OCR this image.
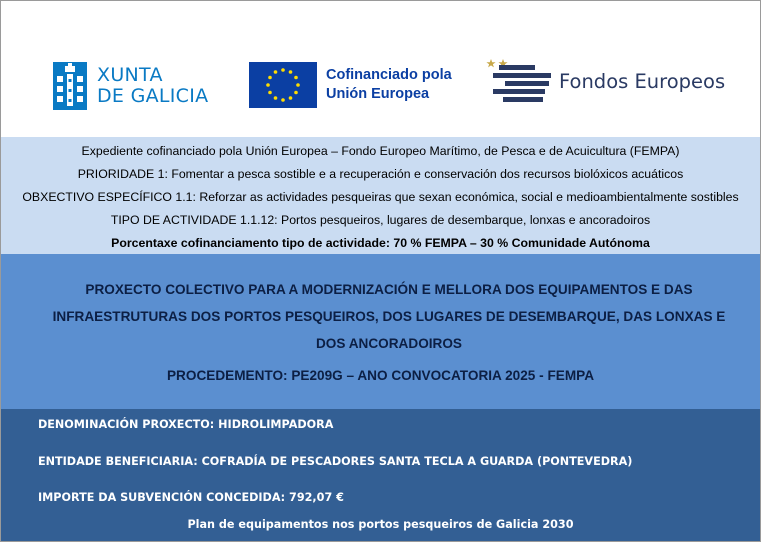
XUNTA
DE GALICIA
Cofinanciado pola
Unión Europea
Fondos Europeos
Expediente cofinanciado pola Unión Europea – Fondo Europeo Marítimo, de Pesca e de Acuicultura (FEMPA)
PRIORIDADE 1: Fomentar a pesca sostible e a recuperación e conservación dos recursos biolóxicos acuáticos
OBXECTIVO ESPECÍFICO 1.1: Reforzar as actividades pesqueiras que sexan económica, social e medioambientalmente sostibles
TIPO DE ACTIVIDADE 1.1.12: Portos pesqueiros, lugares de desembarque, lonxas e ancoradoiros
Porcentaxe cofinanciamento tipo de actividade: 70 % FEMPA – 30 % Comunidade Autónoma
PROXECTO COLECTIVO PARA A MODERNIZACIÓN E MELLORA DOS EQUIPAMENTOS E DAS INFRAESTRUTURAS DOS PORTOS PESQUEIROS, DOS LUGARES DE DESEMBARQUE, DAS LONXAS E DOS ANCORADOIROS
PROCEDEMENTO: PE209G – ANO CONVOCATORIA 2025 - FEMPA
DENOMINACIÓN PROXECTO: HIDROLIMPADORA
ENTIDADE BENEFICIARIA: COFRADÍA DE PESCADORES SANTA TECLA A GUARDA (PONTEVEDRA)
IMPORTE DA SUBVENCIÓN CONCEDIDA: 792,07 €
Plan de equipamentos nos portos pesqueiros de Galicia 2030
